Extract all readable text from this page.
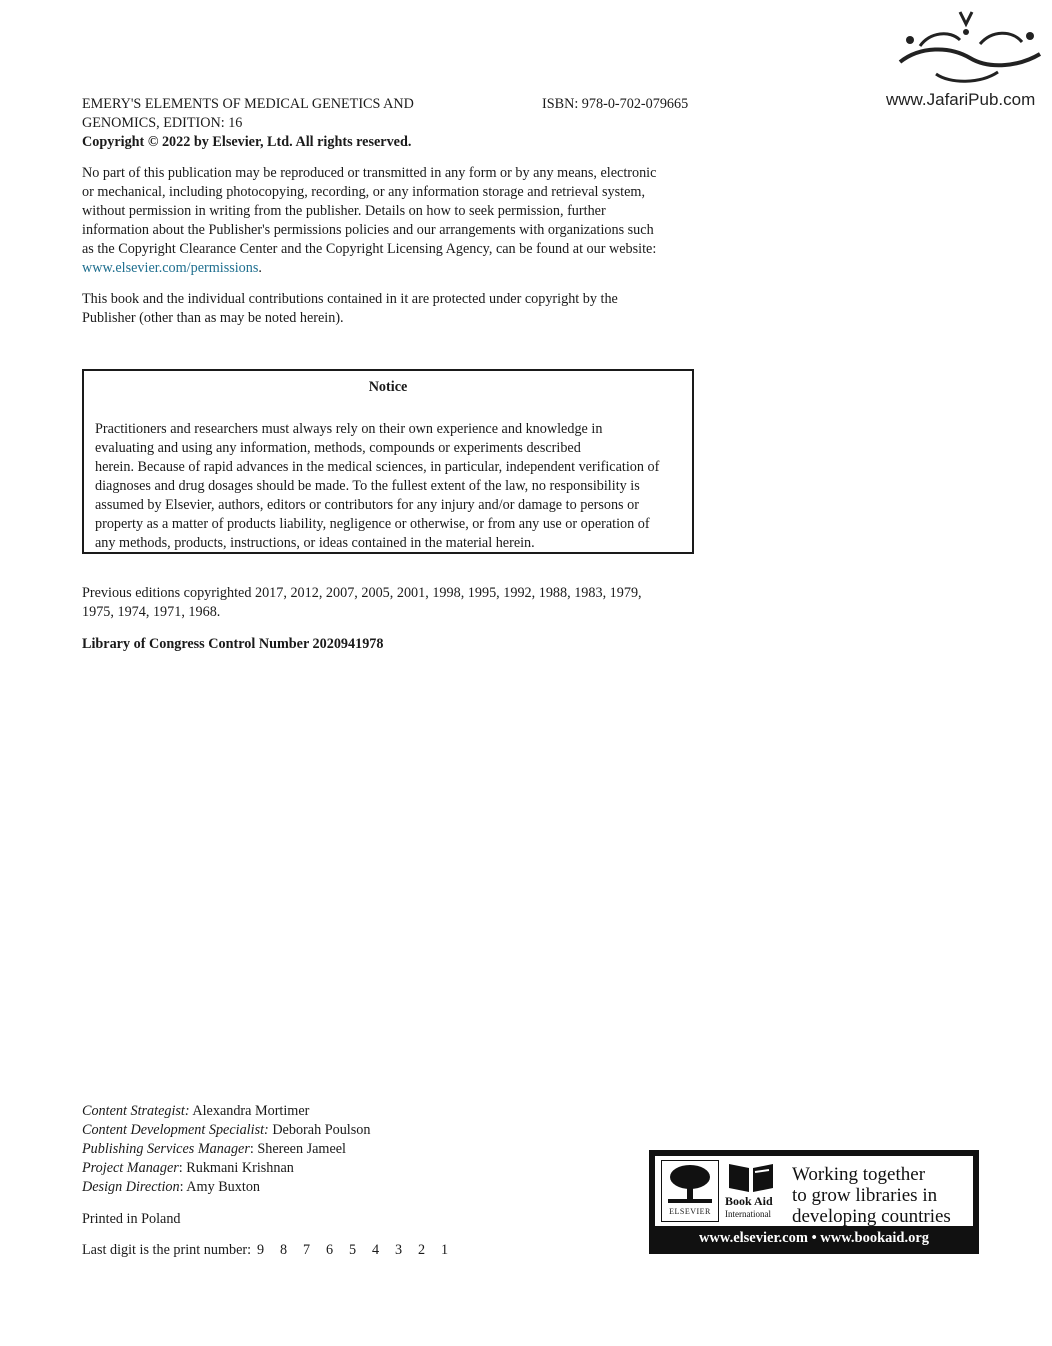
www.JafariPub.com
EMERY'S ELEMENTS OF MEDICAL GENETICS AND
GENOMICS, EDITION: 16
ISBN: 978-0-702-079665
Copyright © 2022 by Elsevier, Ltd. All rights reserved.

No part of this publication may be reproduced or transmitted in any form or by any means, electronic

or mechanical, including photocopying, recording, or any information storage and retrieval system,

without permission in writing from the publisher. Details on how to seek permission, further

information about the Publisher's permissions policies and our arrangements with organizations such

as the Copyright Clearance Center and the Copyright Licensing Agency, can be found at our website:

www.elsevier.com/permissions.

This book and the individual contributions contained in it are protected under copyright by the

Publisher (other than as may be noted herein).

Notice

Practitioners and researchers must always rely on their own experience and knowledge in

evaluating and using any information, methods, compounds or experiments described

herein. Because of rapid advances in the medical sciences, in particular, independent verification of

diagnoses and drug dosages should be made. To the fullest extent of the law, no responsibility is

assumed by Elsevier, authors, editors or contributors for any injury and/or damage to persons or

property as a matter of products liability, negligence or otherwise, or from any use or operation of

any methods, products, instructions, or ideas contained in the material herein.

Previous editions copyrighted 2017, 2012, 2007, 2005, 2001, 1998, 1995, 1992, 1988, 1983, 1979,

1975, 1974, 1971, 1968.

Library of Congress Control Number 2020941978
Content Strategist: Alexandra Mortimer
Content Development Specialist: Deborah Poulson
Publishing Services Manager: Shereen Jameel
Project Manager: Rukmani Krishnan
Design Direction: Amy Buxton
Printed in Poland
Last digit is the print number: 9 8 7 6 5 4 3 2 1
ELSEVIER
Book Aid
International
Working together
to grow libraries in
developing countries
www.elsevier.com • www.bookaid.org
